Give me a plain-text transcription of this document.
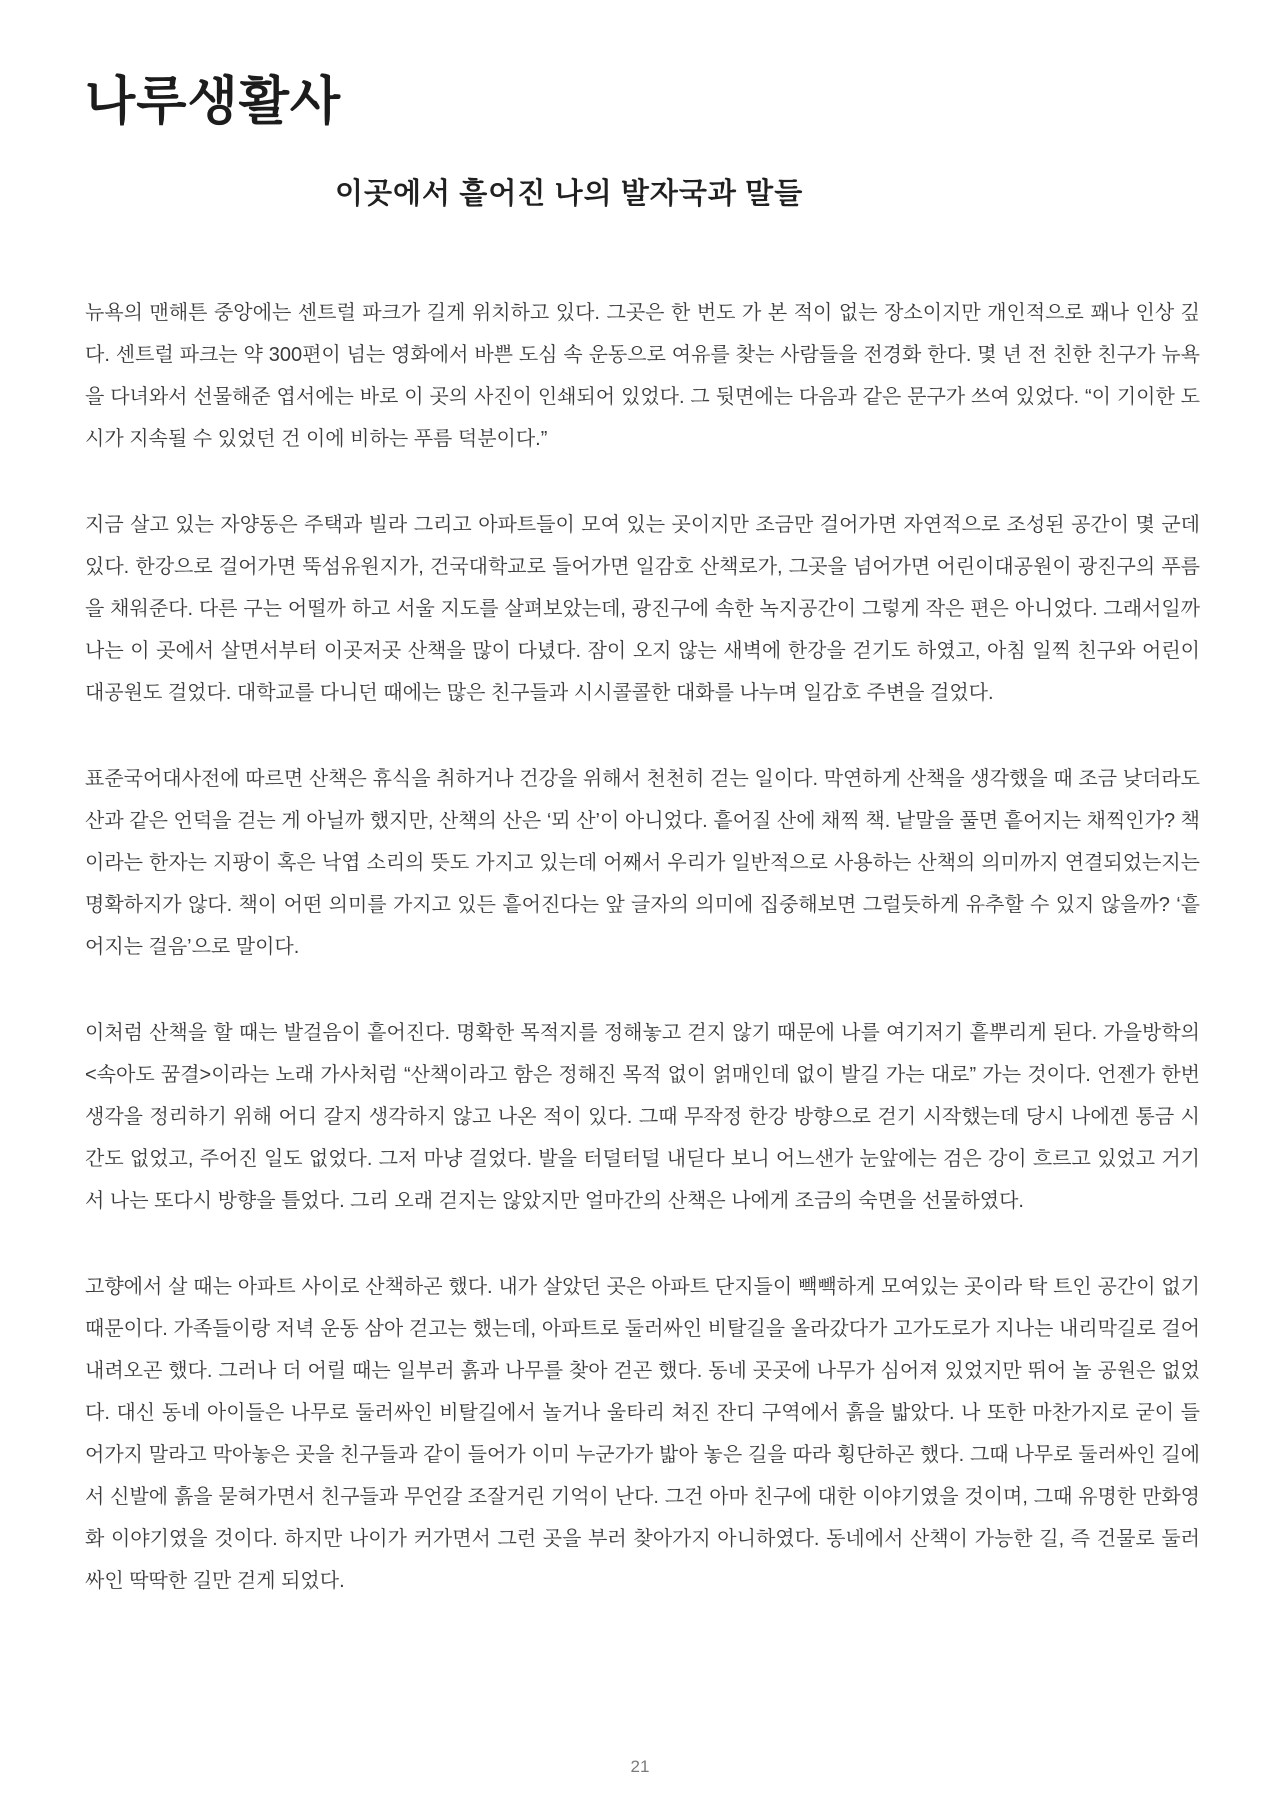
나루생활사
이곳에서 흩어진 나의 발자국과 말들

뉴욕의 맨해튼 중앙에는 센트럴 파크가 길게 위치하고 있다. 그곳은 한 번도 가 본 적이 없는 장소이지만 개인적으로 꽤나 인상 깊다. 센트럴 파크는 약 300편이 넘는 영화에서 바쁜 도심 속 운동으로 여유를 찾는 사람들을 전경화 한다. 몇 년 전 친한 친구가 뉴욕을 다녀와서 선물해준 엽서에는 바로 이 곳의 사진이 인쇄되어 있었다. 그 뒷면에는 다음과 같은 문구가 쓰여 있었다. “이 기이한 도시가 지속될 수 있었던 건 이에 비하는 푸름 덕분이다.”

지금 살고 있는 자양동은 주택과 빌라 그리고 아파트들이 모여 있는 곳이지만 조금만 걸어가면 자연적으로 조성된 공간이 몇 군데 있다. 한강으로 걸어가면 뚝섬유원지가, 건국대학교로 들어가면 일감호 산책로가, 그곳을 넘어가면 어린이대공원이 광진구의 푸름을 채워준다. 다른 구는 어떨까 하고 서울 지도를 살펴보았는데, 광진구에 속한 녹지공간이 그렇게 작은 편은 아니었다. 그래서일까 나는 이 곳에서 살면서부터 이곳저곳 산책을 많이 다녔다. 잠이 오지 않는 새벽에 한강을 걷기도 하였고, 아침 일찍 친구와 어린이대공원도 걸었다. 대학교를 다니던 때에는 많은 친구들과 시시콜콜한 대화를 나누며 일감호 주변을 걸었다.

표준국어대사전에 따르면 산책은 휴식을 취하거나 건강을 위해서 천천히 걷는 일이다. 막연하게 산책을 생각했을 때 조금 낮더라도 산과 같은 언덕을 걷는 게 아닐까 했지만, 산책의 산은 ‘뫼 산’이 아니었다. 흩어질 산에 채찍 책. 낱말을 풀면 흩어지는 채찍인가? 책이라는 한자는 지팡이 혹은 낙엽 소리의 뜻도 가지고 있는데 어째서 우리가 일반적으로 사용하는 산책의 의미까지 연결되었는지는 명확하지가 않다. 책이 어떤 의미를 가지고 있든 흩어진다는 앞 글자의 의미에 집중해보면 그럴듯하게 유추할 수 있지 않을까? ‘흩어지는 걸음’으로 말이다.

이처럼 산책을 할 때는 발걸음이 흩어진다. 명확한 목적지를 정해놓고 걷지 않기 때문에 나를 여기저기 흩뿌리게 된다. 가을방학의 <속아도 꿈결>이라는 노래 가사처럼 “산책이라고 함은 정해진 목적 없이 얽매인데 없이 발길 가는 대로” 가는 것이다. 언젠가 한번 생각을 정리하기 위해 어디 갈지 생각하지 않고 나온 적이 있다. 그때 무작정 한강 방향으로 걷기 시작했는데 당시 나에겐 통금 시간도 없었고, 주어진 일도 없었다. 그저 마냥 걸었다. 발을 터덜터덜 내딛다 보니 어느샌가 눈앞에는 검은 강이 흐르고 있었고 거기서 나는 또다시 방향을 틀었다. 그리 오래 걷지는 않았지만 얼마간의 산책은 나에게 조금의 숙면을 선물하였다.

고향에서 살 때는 아파트 사이로 산책하곤 했다. 내가 살았던 곳은 아파트 단지들이 빽빽하게 모여있는 곳이라 탁 트인 공간이 없기 때문이다. 가족들이랑 저녁 운동 삼아 걷고는 했는데, 아파트로 둘러싸인 비탈길을 올라갔다가 고가도로가 지나는 내리막길로 걸어 내려오곤 했다. 그러나 더 어릴 때는 일부러 흙과 나무를 찾아 걷곤 했다. 동네 곳곳에 나무가 심어져 있었지만 뛰어 놀 공원은 없었다. 대신 동네 아이들은 나무로 둘러싸인 비탈길에서 놀거나 울타리 쳐진 잔디 구역에서 흙을 밟았다. 나 또한 마찬가지로 굳이 들어가지 말라고 막아놓은 곳을 친구들과 같이 들어가 이미 누군가가 밟아 놓은 길을 따라 횡단하곤 했다. 그때 나무로 둘러싸인 길에서 신발에 흙을 묻혀가면서 친구들과 무언갈 조잘거린 기억이 난다. 그건 아마 친구에 대한 이야기였을 것이며, 그때 유명한 만화영화 이야기였을 것이다. 하지만 나이가 커가면서 그런 곳을 부러 찾아가지 아니하였다. 동네에서 산책이 가능한 길, 즉 건물로 둘러 싸인 딱딱한 길만 걷게 되었다.

21
